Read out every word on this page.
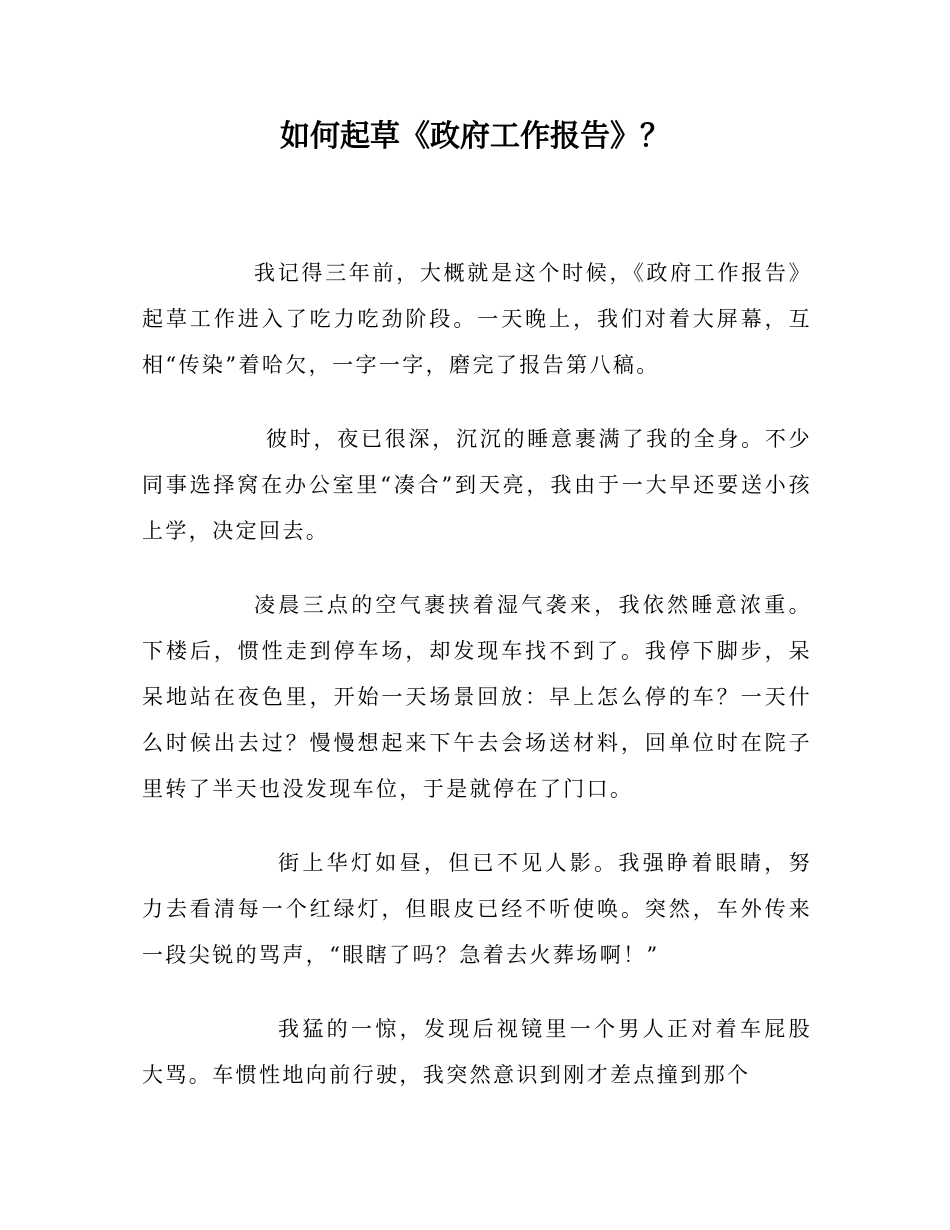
如何起草《政府工作报告》？

我记得三年前，大概就是这个时候，《政府工作报告》起草工作进入了吃力吃劲阶段。一天晚上，我们对着大屏幕，互相“传染”着哈欠，一字一字，磨完了报告第八稿。

彼时，夜已很深，沉沉的睡意裹满了我的全身。不少同事选择窝在办公室里“凑合”到天亮，我由于一大早还要送小孩上学，决定回去。

凌晨三点的空气裹挟着湿气袭来，我依然睡意浓重。下楼后，惯性走到停车场，却发现车找不到了。我停下脚步，呆呆地站在夜色里，开始一天场景回放：早上怎么停的车？一天什么时候出去过？慢慢想起来下午去会场送材料，回单位时在院子里转了半天也没发现车位，于是就停在了门口。

街上华灯如昼，但已不见人影。我强睁着眼睛，努力去看清每一个红绿灯，但眼皮已经不听使唤。突然，车外传来一段尖锐的骂声，“眼瞎了吗？急着去火葬场啊！”

我猛的一惊，发现后视镜里一个男人正对着车屁股大骂。车惯性地向前行驶，我突然意识到刚才差点撞到那个
